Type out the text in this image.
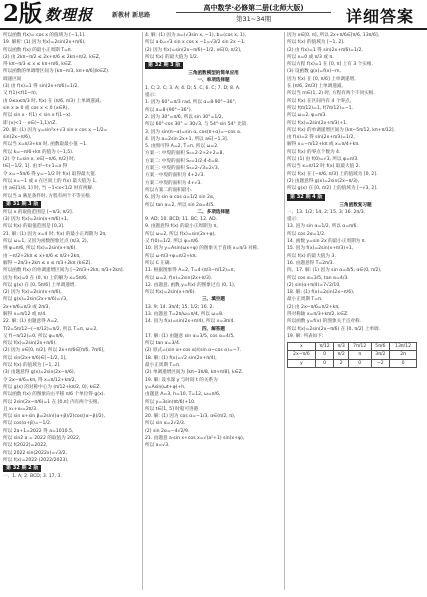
2版 数理报	新教材 新思路
高中数学·必修第二册(北师大版)
第31~34期	详细答案
所以函数 f(x)= cos x 的值域为 [−1,1].
19. 解析: (1) 因为 f(x)=2sin(2x+π/6),
所以函数 f(x) 的最小正周期 T=π.
(2) 由 2kπ−π/2 ≤ 2x+π/6 ≤ 2kπ+π/2, k∈Z,
得 kπ−π/3 ≤ x ≤ kπ+π/6, k∈Z.
所以函数的单调增区间为 [kπ−π/3, kπ+π/6](k∈Z).
调递区间
(3) 由 f(x)=1 得 sin(2x+π/6)=1/2,
又 f(1)<f(1−π),
由 0≤x≤π/3 时, f(x) 在 (π/6, π/3) 上单调递减,
sin x ≥ 0 或 cos x < 0 (x∈R),
所以 sin x · f(1) < sin x f(1−x).
即 |x|<1 ·· x∈(−1,1)∩Z.
20. 解: (1) 因为 y=sin²x+√3 sin x cos x −1/2=
sin(2x−π/6),
所以当 x=π/3+kπ 时, 函数取最小值 −1.
所以 k=−π/6+kπ 的值为 (−1,5).
(2) 令 t=sin x, x∈[−π/6, π/2] 时,
t∈[−1/2, 1]. 由 t²−t+1=a 得
令 x=−5π/6 得 y=−1/2 时 f(x) 取得最大值.
所以 x=−1 或 x 在区间上的 f(x) 最大值为 1,
由 a∈[1/4, 1] 时, 当 −1<x<1/2 时有两解.
所以当 a 满足条件时, 方程有两个不等实根.
第 31 期 3 版
所以 x 的取值范围是 [−π/3, π/2].
(3) 因为 f(x)=2sin(x+π/6)+1,
所以 f(x) 的取值范围是 [0,3].
21. 解: (1) 因为 x=4 时, f(x) 的最小正周期为 2π,
所以 ω=1, 又因为函数图象过点 (π/3, 2),
则 φ=π/6, 所以 f(x)=2sin(x+π/6).
由 −π/2+2kπ ≤ x+π/6 ≤ π/2+2kπ,
解得 −2π/3+2kπ ≤ x ≤ π/3+2kπ (k∈Z).
所以函数 f(x) 的单调递增区间为 [−2π/3+2kπ, π/3+2kπ].
因为 f(x)=0 在 (0, π) 上的解为 x=5π/6,
所以 g(x) 在 [0, 5π/6] 上单调递增.
(2) 因为 f(x)=2sin(x+π/6),
所以 g(x)=2sin(2x+π/6)=√3,
2x+π/6=π/3 或 2π/3,
解得 x=π/12 或 π/4.
22. 解: (1) 由题意得 A=2,
T/2=5π/12−(−π/12)=π/2, 所以 T=π, ω=2,
又 f(−π/12)=0, 所以 φ=π/6,
所以 f(x)=2sin(2x+π/6).
(2) 因为 x∈[0, π/2], 所以 2x+π/6∈[π/6, 7π/6],
所以 sin(2x+π/6)∈[−1/2, 1],
所以 f(x) 的值域为 [−1, 2].
(3) 由题意得 g(x)=2sin(2x−π/6),
令 2x−π/6=kπ, 得 x=π/12+kπ/2,
所以 g(x) 的对称中心为 (π/12+kπ/2, 0), k∈Z.
所以函数 f(x) 的图象向右平移 π/6 个单位得 g(x).
所以 2sin(2x−π/6)=1 在 [0,π] 内有两个实根,
且 x₁+x₂=2π/3.
所以 sin α+sin β=2sin((α+β)/2)cos((α−β)/2),
所以 cos(α+β)=−1/2.
所以 2a+1=2022 得 a=1010.5,
所以 sin2 a = 2022 的取值为 2022,
所以 f(2022)=2022,
所以 2022·sin(2022x)=√3/2,
所以 f(x)=2022·(2022/2023).
第 32 期 2 版
一、1. A; 2. BCD; 3. 17, 3.
4. 解: (1) 因为 a=(√3sin x, −1), b=(cos x, 1),
所以 a·b=√3 sin x cos x −1=√3/2 sin 2x −1.
(2) 因为 f(x)=sin(2x−π/6)−1/2, x∈[0, π/2],
所以 f(x) 的最大值为 1/2.
第 32 期 3 版
三角函数模型的简单应用
一、单项选择题
1. C; 2. C; 3. A; 4. D; 5. C; 6. C; 7. D; 8. A.
提示:
1. 因为 60°=π/3 rad, 所以 α=8·90°−36°,
所以 α=8·(90°−36°).
2. 因为 30°=π/6, 所以 sin 30°=1/2,
所以 60°·cos 30° = 30√3, 与 54°·sin 54° 比较.
3. 因为 sin(π−α)=sin α, cos(π+α)=−cos α.
4. 因为 a=2sin 2x+1, 所以 a∈[−1,3].
5. 由图可得 A=2, T=π, 所以 ω=2.
方案一: 中堤的面积 S₁=2·2+2+2=8,
方案二: 中堤的面积 S₂=1/2·4·4=8.
方案三: 中堤的面积 S₃=2·√3=2√3,
方案一中堤的面积为 4+2√3.
方案二中堤的面积为 4+√3.
所以方案二的面积最小.
6. 因为 sin α cos α=1/2 sin 2α,
所以 tan α=2, 所以 sin 2α=4/5.
二、多项选择题
9. AD; 10. BCD; 11. BC; 12. AD.
9. 由题意得 f(x) 的最小正周期为 π,
所以 ω=2, 所以 f(x)=sin(2x+φ),
又 f(0)=1/2, 所以 φ=π/6.
10. 因为 y=Asin(ωx+φ) 的图象关于直线 x=π/3 对称,
所以 ω·π/3+φ=π/2+kπ,
所以 C 正确.
11. 根据图象得 A=2, T=4·(π/3−π/12)=π,
所以 ω=2, f(x)=2sin(2x+π/3).
12. 由题意, 函数 y=f(x) 的图象过点 (0, 1),
所以 f(x)=2sin(x+π/6).
三、填空题
13. 9; 14. 3π/4; 15. 1/2; 16. 2.
13. 由题意 T=2π/ω=π/4, 所以 ω=8.
14. 因为 f(x)=sin(2x+π/4), 所以 x=3π/4.
四、解答题
17. 解: (1) 由题意 sin α=3/5, cos α=4/5,
所以 tan α=3/4.
(2) 原式=(sin α+cos α)/(sin α−cos α)=−7.
18. 解: (1) f(x)=√2 sin(2x+π/4),
最小正周期 T=π.
(2) 单调递增区间为 [kπ−3π/8, kπ+π/8], k∈Z.
19. 解: 设水深 y 与时间 t 的关系为
y=Asin(ωt+φ)+h,
由题意 A=3, h=10, T=12, ω=π/6,
所以 y=3sin(πt/6)+10.
所以 t∈[1, 5] 时船可进港.
20. 解: (1) 因为 cos α=−1/3, α∈(π/2, π),
所以 sin α=2√2/3.
(2) sin 2α=−4√2/9.
21. 由题意 a·sin x+cos x=√(a²+1) sin(x+φ),
所以 a=√3.
因为 x∈[0, π], 所以 2x+π/6∈[π/6, 13π/6],
所以 f(x) 的值域为 [−1, 2].
(2) 由 f(x)=1 得 sin(2x+π/6)=1/2,
所以 x=0 或 π/3 或 π.
所以方程 f(x)=1 在 [0, π] 上有 3 个实根.
(3) 设函数 g(x)=f(x)−m,
因为 f(x) 在 [0, π/6] 上单调递增,
在 [π/6, 2π/3] 上单调递减,
所以当 m∈(1, 2) 时, 方程有两个不同实根.
所以 f(x) 在区间内有 4 个零点,
所以 f(π/12)=1, f(7π/12)=−1.
所以 ω=2, φ=π/3.
所以 f(x)=2sin(2x+π/3)+1.
所以 f(x) 的单调递增区间为 [kπ−5π/12, kπ+π/12].
由 f(x)=2 得 sin(2x+π/3)=1/2,
解得 x=−π/12+kπ 或 x=π/4+kπ.
所以 f(x) 的零点个数为 4.
所以 (1) 由 f(0)=√3, 所以 φ=π/3.
所以当 x=π/12 时 f(x) 取最大值 2.
所以 f(x) 在 [−π/6, π/3] 上的值域为 [0, 2].
(2) 由题意得 g(x)=2sin(2x−π/3),
所以 g(x) 在 [0, π/2] 上的值域为 [−√3, 2].
第 32 期 4 版
三角函数复习题
一、13. 1/2; 14. 2; 15. 3; 16. 2π/3.
提示:
13. 因为 sin α=1/2, 所以 α=π/6.
所以 cos 2α=1/2.
14. 函数 y=sin 2x 的最小正周期为 π.
15. 因为 f(x)=2sin(x+π/3)+1,
所以 f(x) 的最大值为 3.
16. 由题意得 T=2π/3.
四、17. 解: (1) 因为 sin α=4/5, α∈(0, π/2),
所以 cos α=3/5, tan α=4/3.
(2) sin(α+π/4)=7√2/10.
18. 解: (1) f(x)=2sin(2x−π/6),
最小正周期 T=π.
(2) 由 2x−π/6=π/2+kπ,
得对称轴 x=π/3+kπ/2, k∈Z.
所以函数 y=f(x) 的图象关于点对称.
所以 f(x)=2sin(2x−π/6) 在 [0, π/2] 上单调.
19. 解: 列表如下:
x	π/12	π/3	7π/12	5π/6	13π/12
2x−π/6	0	π/2	π	3π/2	2π
y	0	2	0	−2	0
